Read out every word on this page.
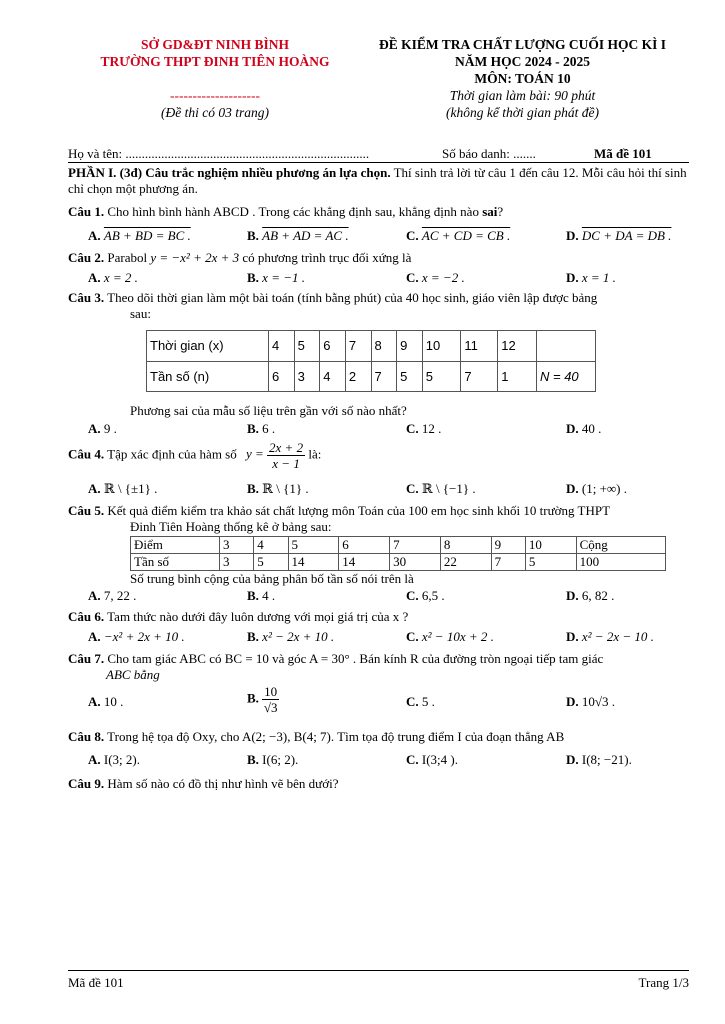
SỞ GD&ĐT NINH BÌNH
TRƯỜNG THPT ĐINH TIÊN HOÀNG
--------------------
(Đề thi có 03 trang)
ĐỀ KIỂM TRA CHẤT LƯỢNG CUỐI HỌC KÌ I
NĂM HỌC 2024 - 2025
MÔN: TOÁN 10
Thời gian làm bài: 90 phút
(không kể thời gian phát đề)
Họ và tên: ...........................................................................	Số báo danh: .......	Mã đề 101
PHẦN I. (3đ) Câu trắc nghiệm nhiều phương án lựa chọn. Thí sinh trả lời từ câu 1 đến câu 12. Mỗi câu hỏi thí sinh chỉ chọn một phương án.
Câu 1. Cho hình bình hành ABCD . Trong các khẳng định sau, khẳng định nào sai?
A. AB + BD = BC .	B. AB + AD = AC .	C. AC + CD = CB .	D. DC + DA = DB .
Câu 2. Parabol y = −x² + 2x + 3 có phương trình trục đối xứng là
A. x = 2 .	B. x = −1 .	C. x = −2 .	D. x = 1 .
Câu 3. Theo dõi thời gian làm một bài toán (tính bằng phút) của 40 học sinh, giáo viên lập được bảng
sau:
Thời gian (x)	4	5	6	7	8	9	10	11	12	
Tần số (n)	6	3	4	2	7	5	5	7	1	N = 40
Phương sai của mẫu số liệu trên gần với số nào nhất?
A. 9 .	B. 6 .	C. 12 .	D. 40 .
Câu 4. Tập xác định của hàm số $y = \frac{2x + 2}{x - 1}$ là:
A. ℝ \ {±1} .	B. ℝ \ {1} .	C. ℝ \ {−1} .	D. (1; +∞) .
Câu 5. Kết quả điểm kiểm tra khảo sát chất lượng môn Toán của 100 em học sinh khối 10 trường THPT
Đinh Tiên Hoàng thống kê ở bảng sau:
Điểm	3	4	5	6	7	8	9	10	Cộng
Tần số	3	5	14	14	30	22	7	5	100
Số trung bình cộng của bảng phân bố tần số nói trên là
A. 7, 22 .	B. 4 .	C. 6,5 .	D. 6, 82 .
Câu 6. Tam thức nào dưới đây luôn dương với mọi giá trị của x ?
A. −x² + 2x + 10 .	B. x² − 2x + 10 .	C. x² − 10x + 2 .	D. x² − 2x − 10 .
Câu 7. Cho tam giác ABC có BC = 10 và góc A = 30° . Bán kính R của đường tròn ngoại tiếp tam giác
ABC bằng
A. 10 .	B. $\frac{10}{√3}$	C. 5 .	D. 10√3 .
Câu 8. Trong hệ tọa độ Oxy, cho A(2; −3), B(4; 7). Tìm tọa độ trung điểm I của đoạn thẳng AB
A. I(3; 2).	B. I(6; 2).	C. I(3;4 ).	D. I(8; −21).
Câu 9. Hàm số nào có đồ thị như hình vẽ bên dưới?
Mã đề 101	Trang 1/3
